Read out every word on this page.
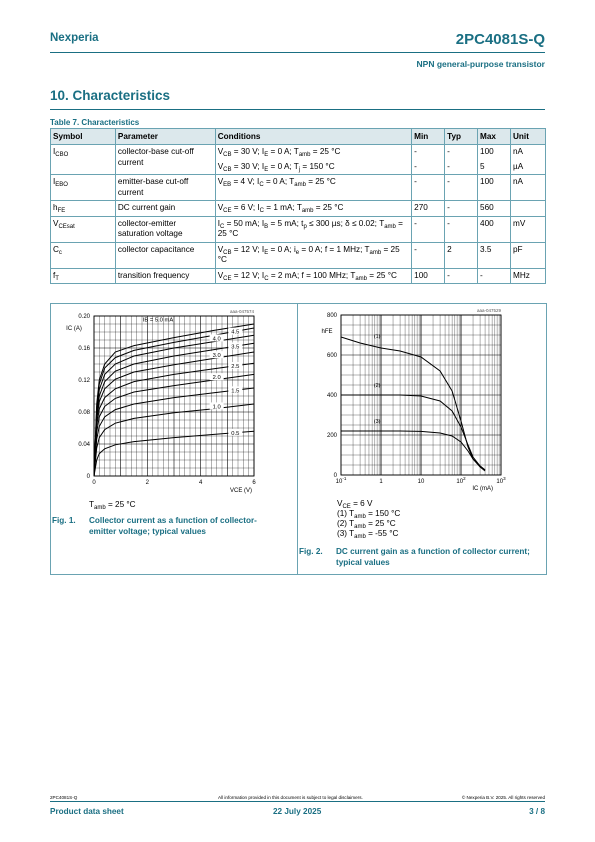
Nexperia	2PC4081S-Q
NPN general-purpose transistor
10. Characteristics
Table 7. Characteristics
Symbol	Parameter	Conditions	Min	Typ	Max	Unit
$I_{CBO}$	collector-base cut-off current	$V_{CB} = 30$ V; $I_E = 0$ A; $T_{amb} = 25$ °C	-	-	100	nA
		$V_{CB} = 30$ V; $I_E = 0$ A; $T_j = 150$ °C	-	-	5	µA
$I_{EBO}$	emitter-base cut-off current	$V_{EB} = 4$ V; $I_C = 0$ A; $T_{amb} = 25$ °C	-	-	100	nA
$h_{FE}$	DC current gain	$V_{CE} = 6$ V; $I_C = 1$ mA; $T_{amb} = 25$ °C	270	-	560	
$V_{CEsat}$	collector-emitter saturation voltage	$I_C = 50$ mA; $I_B = 5$ mA; $t_p \le 300$ µs; δ ≤ 0.02; $T_{amb} = 25$ °C	-	-	400	mV
$C_c$	collector capacitance	$V_{CB} = 12$ V; $I_E = 0$ A; $i_e = 0$ A; f = 1 MHz; $T_{amb} = 25$ °C	-	2	3.5	pF
$f_T$	transition frequency	$V_{CE} = 12$ V; $I_C = 2$ mA; f = 100 MHz; $T_{amb} = 25$ °C	100	-	-	MHz
aaa-047574
0
0.04
0.08
0.12
0.16
0.20
0	2	4	6
IC (A)
VCE (V)
IB = 5.0 mA
4.5
4.0
3.5
3.0
2.5
2.0
1.5
1.0
0.5
aaa-047529
0
200
400
600
800
$10^{-1}$
1	10	$10^2$
$10^3$
hFE
IC (mA)
(1)
(2)
(3)
$T_{amb} = 25$ °C
Fig. 1. Collector current as a function of collector-emitter voltage; typical values
$V_{CE} = 6$ V
(1) $T_{amb} = 150$ °C
(2) $T_{amb} = 25$ °C
(3) $T_{amb} = -55$ °C
Fig. 2. DC current gain as a function of collector current; typical values
2PC4081S-Q	All information provided in this document is subject to legal disclaimers.	© Nexperia B.V. 2025. All rights reserved
Product data sheet	22 July 2025	3 / 8
